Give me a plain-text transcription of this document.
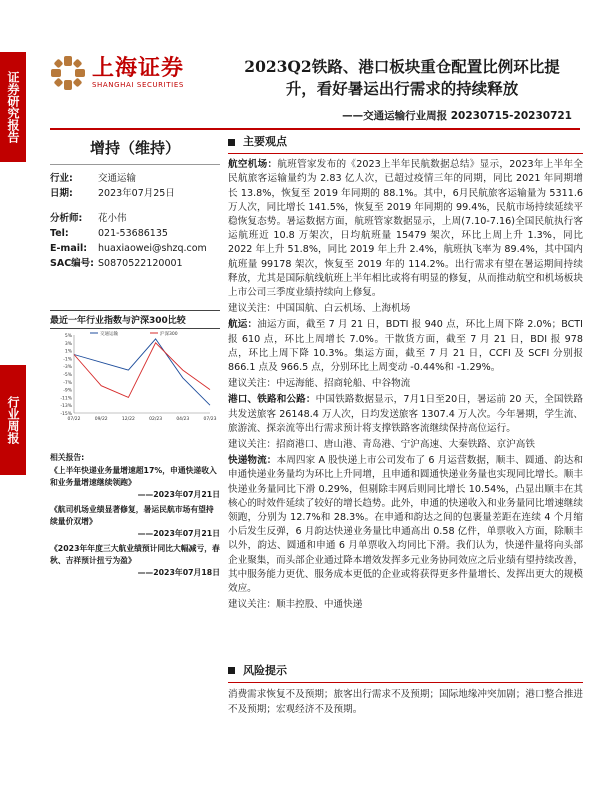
证券研究报告
行业周报
上海证券
SHANGHAI SECURITIES
2023Q2铁路、港口板块重仓配置比例环比提升，看好暑运出行需求的持续释放
——交通运输行业周报 20230715-20230721
增持（维持）
行业:	交通运输
日期:	2023年07月25日
分析师:	花小伟
Tel:	021-53686135
E-mail:	huaxiaowei@shzq.com
SAC编号: S0870522120001
最近一年行业指数与沪深300比较
5%
3%
1%
-1%
-3%
-5%
-7%
-9%
-11%
-13%
-15%
07/22	09/22	12/22	02/23	04/23	07/23
交通运输	沪深300
相关报告:
《上半年快递业务量增速超17%，申通快递收入和业务量增速继续领跑》
——2023年07月21日
《航司机场业绩显著修复，暑运民航市场有望持续量价双增》
——2023年07月21日
《2023年年度三大航业绩预计同比大幅减亏，春秋、吉祥预计扭亏为盈》
——2023年07月18日
主要观点
航空机场：航班管家发布的《2023上半年民航数据总结》显示，2023年上半年全民航旅客运输量约为 2.83 亿人次，已超过疫情三年的同期，同比 2021 年同期增长 13.8%，恢复至 2019 年同期的 88.1%。其中，6月民航旅客运输量为 5311.6 万人次，同比增长 141.5%，恢复至 2019 年同期的 99.4%，民航市场持续延续平稳恢复态势。暑运数据方面，航班管家数据显示，上周(7.10-7.16)全国民航执行客运航班近 10.8 万架次，日均航班量 15479 架次，环比上周上升 1.3%，同比 2022 年上升 51.8%，同比 2019 年上升 2.4%，航班执飞率为 89.4%，其中国内航班量 99178 架次，恢复至 2019 年的 114.2%。出行需求有望在暑运期间持续释放，尤其是国际航线航班上半年相比或将有明显的修复，从而推动航空和机场板块上市公司三季度业绩持续向上修复。
建议关注：中国国航、白云机场、上海机场
航运：油运方面，截至 7 月 21 日，BDTI 报 940 点，环比上周下降 2.0%；BCTI 报 610 点，环比上周增长 7.0%。干散货方面，截至 7 月 21 日，BDI 报 978 点，环比上周下降 10.3%。集运方面，截至 7 月 21 日，CCFI 及 SCFI 分别报 866.1 点及 966.5 点，分别环比上周变动 -0.44%和 -1.29%。
建议关注：中远海能、招商轮船、中谷物流
港口、铁路和公路：中国铁路数据显示，7月1日至20日，暑运前 20 天，全国铁路共发送旅客 26148.4 万人次，日均发送旅客 1307.4 万人次。今年暑期，学生流、旅游流、探亲流等出行需求预计将支撑铁路客流继续保持高位运行。
建议关注：招商港口、唐山港、青岛港、宁沪高速、大秦铁路、京沪高铁
快递物流：本周四家 A 股快递上市公司发布了 6 月运营数据，顺丰、圆通、韵达和申通快递业务量均为环比上升同增，且申通和圆通快递业务量也实现同比增长。顺丰快递业务量同比下滑 0.29%，但剔除丰网后则同比增长 10.54%，凸显出顺丰在其核心的时效件延续了较好的增长趋势。此外，申通的快递收入和业务量同比增速继续领跑，分别为 12.7%和 28.3%。在申通和韵达之间的包裹量差距在连续 4 个月缩小后发生反弹，6 月韵达快递业务量比申通高出 0.58 亿件，单票收入方面，除顺丰以外，韵达、圆通和申通 6 月单票收入均同比下滑。我们认为，快递件量将向头部企业聚集，而头部企业通过降本增效发挥多元业务协同效应之后业绩有望持续改善，其中服务能力更优、服务成本更低的企业或将获得更多件量增长、发挥出更大的规模效应。
建议关注：顺丰控股、中通快递
风险提示
消费需求恢复不及预期；旅客出行需求不及预期；国际地缘冲突加剧；港口整合推进不及预期；宏观经济不及预期。
